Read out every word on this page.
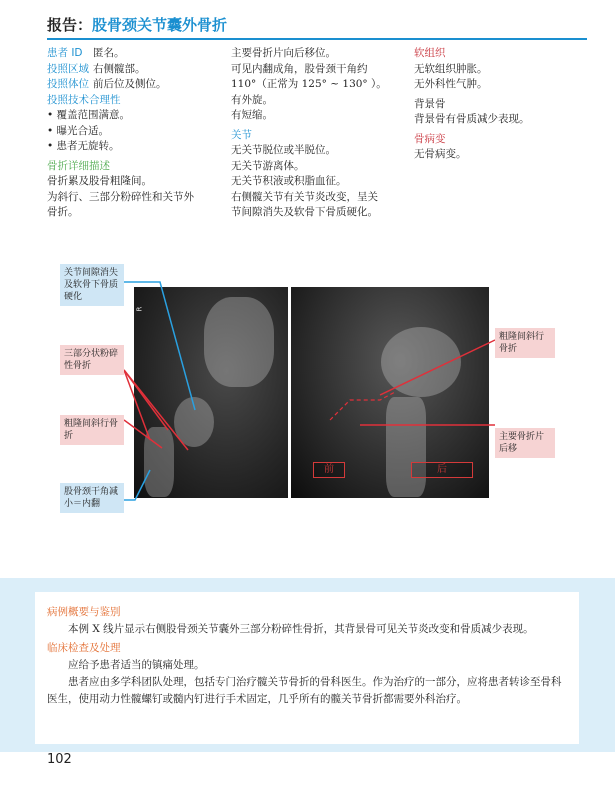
报告：股骨颈关节囊外骨折
患者 ID 匿名。
投照区域 右侧髋部。
投照体位 前后位及侧位。
投照技术合理性
• 覆盖范围满意。
• 曝光合适。
• 患者无旋转。
骨折详细描述
骨折累及股骨粗隆间。
为斜行、三部分粉碎性和关节外
骨折。
主要骨折片向后移位。
可见内翻成角，股骨颈干角约
110°（正常为 125° ~ 130° ）。
有外旋。
有短缩。
关节
无关节脱位或半脱位。
无关节游离体。
无关节积液或积脂血征。
右侧髋关节有关节炎改变，呈关
节间隙消失及软骨下骨质硬化。
软组织
无软组织肿胀。
无外科性气肿。
背景骨
背景骨有骨质减少表现。
骨病变
无骨病变。
R
前	后
关节间隙消失及软骨下骨质硬化
三部分状粉碎性骨折
粗隆间斜行骨折
股骨颈干角减小＝内翻
粗隆间斜行骨折
主要骨折片后移
病例概要与鉴别
本例 X 线片显示右侧股骨颈关节囊外三部分粉碎性骨折，其背景骨可见关节炎改变和骨质减少表现。
临床检查及处理
应给予患者适当的镇痛处理。
患者应由多学科团队处理，包括专门治疗髋关节骨折的骨科医生。作为治疗的一部分，应将患者转诊至骨科医生，使用动力性髋螺钉或髓内钉进行手术固定，几乎所有的髋关节骨折都需要外科治疗。
102
